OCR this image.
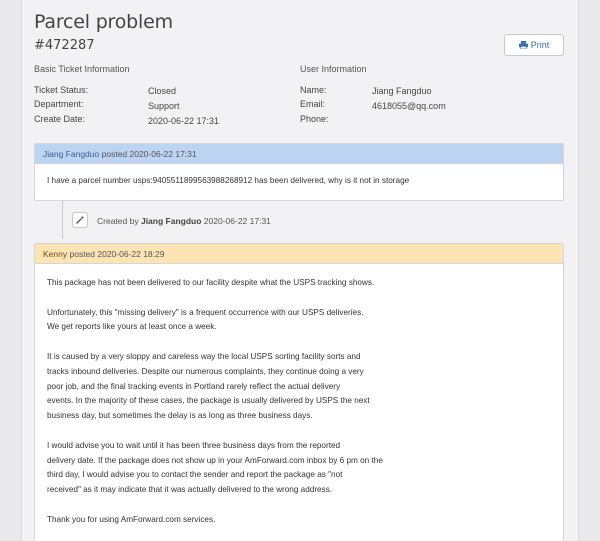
Parcel problem
#472287	Print
Basic Ticket Information	User Information
Ticket Status:	Closed
Department:	Support
Create Date:	2020-06-22 17:31
Name:	Jiang Fangduo
Email:	4618055@qq.com
Phone:
Jiang Fangduo posted 2020-06-22 17:31

I have a parcel number usps:9405511899563988268912 has been delivered, why is it not in storage

Created by Jiang Fangduo 2020-06-22 17:31
Kenny posted 2020-06-22 18:29

This package has not been delivered to our facility despite what the USPS tracking shows.

Unfortunately, this "missing delivery" is a frequent occurrence with our USPS deliveries.

We get reports like yours at least once a week.

It is caused by a very sloppy and careless way the local USPS sorting facility sorts and

tracks inbound deliveries. Despite our numerous complaints, they continue doing a very

poor job, and the final tracking events in Portland rarely reflect the actual delivery

events. In the majority of these cases, the package is usually delivered by USPS the next

business day, but sometimes the delay is as long as three business days.

I would advise you to wait until it has been three business days from the reported

delivery date. If the package does not show up in your AmForward.com inbox by 6 pm on the

third day, I would advise you to contact the sender and report the package as "not

received" as it may indicate that it was actually delivered to the wrong address.

Thank you for using AmForward.com services.
